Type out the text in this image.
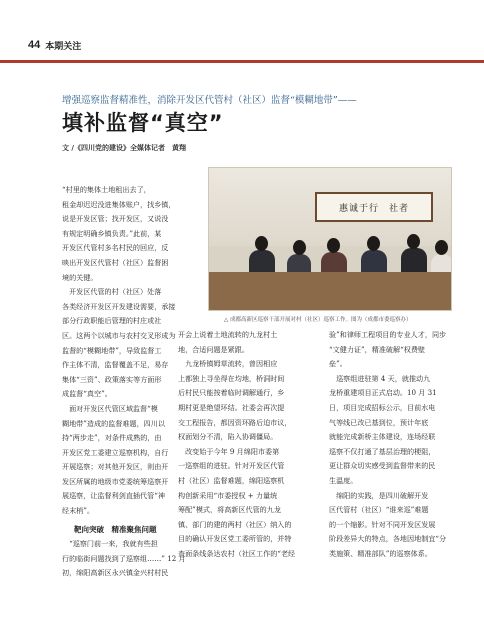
44 本期关注
增强巡察监督精准性，消除开发区代管村（社区）监督“模糊地带”——
填补监督“真空”
文 /《四川党的建设》全媒体记者　黄翔
惠诚于行　社者
△ 成都高新区巡察干部开展对村（社区）巡察工作。图为（成都市委巡察办）

“村里的集体土地租出去了，

租金却迟迟没进集体账户，找乡镇，

说是开发区管；找开发区，又说没

有规定明确乡镇负责。”此前，某

开发区代管村多名村民的回应，反

映出开发区代管村（社区）监督困

境的关键。

　开发区代管的村（社区）处落

各类经济开发区开发建设需要，承接

部分行政职能后管理的村庄或社

区。这两个以城市与农村交叉形成为

监督的“模糊地带”，导致监督工

作主体不清，监督覆盖不足，易存

集体“三资”、政策落实等方面形

成监督“真空”。

　面对开发区代管区域监督“模

糊地带”造成的监督难题，四川以

持“两步走”，对条件成熟的，由

开发区党工委建立巡察机构，自行

开展巡察；对其他开发区，则由开

发区所属的地级市党委统筹巡察开

展巡察，让监督利剑直插代管“神

经末梢”。

靶向突破　精准聚焦问题

　“巡察门前一来，我就有些担

行的临街问题找到了巡察组……” 12 月

初，绵阳高新区永兴镇金兴村村民

开会上说着土地流转的九龙村土

地，合适问题是紧跟。

　九龙桥镇姆草流转，曾因相应

上都独上寻坐得在均地，桥洞时间

后村民只能按着临时调解通行，乡

期村更是绝望环结。社委会再次提

交工程报告，都因资环路后迫市议，

权面划分不清，陷入协调僵局。

　改变始于今年 9 月绵阳市委第

一巡察组的进驻。针对开发区代管

村（社区）监督难题，绵阳巡察机

构创新采用“市委授权 + 力量统

筹配”模式，将高新区代管的九龙

镇、部门的建的两村（社区）纳入的

目的确认开发区党工委所管的，并特

查面条线条达农村（社区工作的“老经

验”和律师工程项目的专业人才，同步

“文健力证”，精准破解“权费壁

垒”。

　巡察组进驻第 4 天，就推动九

龙桥重建项目正式启动。10 月 31

日，项目完成招标公示，目前水电

气等线已改已基到位，预计年底

就能完成新桥主体建设，连场经联

巡察不仅打通了基层治理的梗阻，

更让群众切实感受到监督带来的民

生温度。

　绵阳的实践，是四川破解开发

区代管村（社区）“谁来巡”难题

的一个缩影。针对不同开发区发展

阶段差异大的特点，各地因地制宜“分

类施策、精准部队”的巡察体系。
